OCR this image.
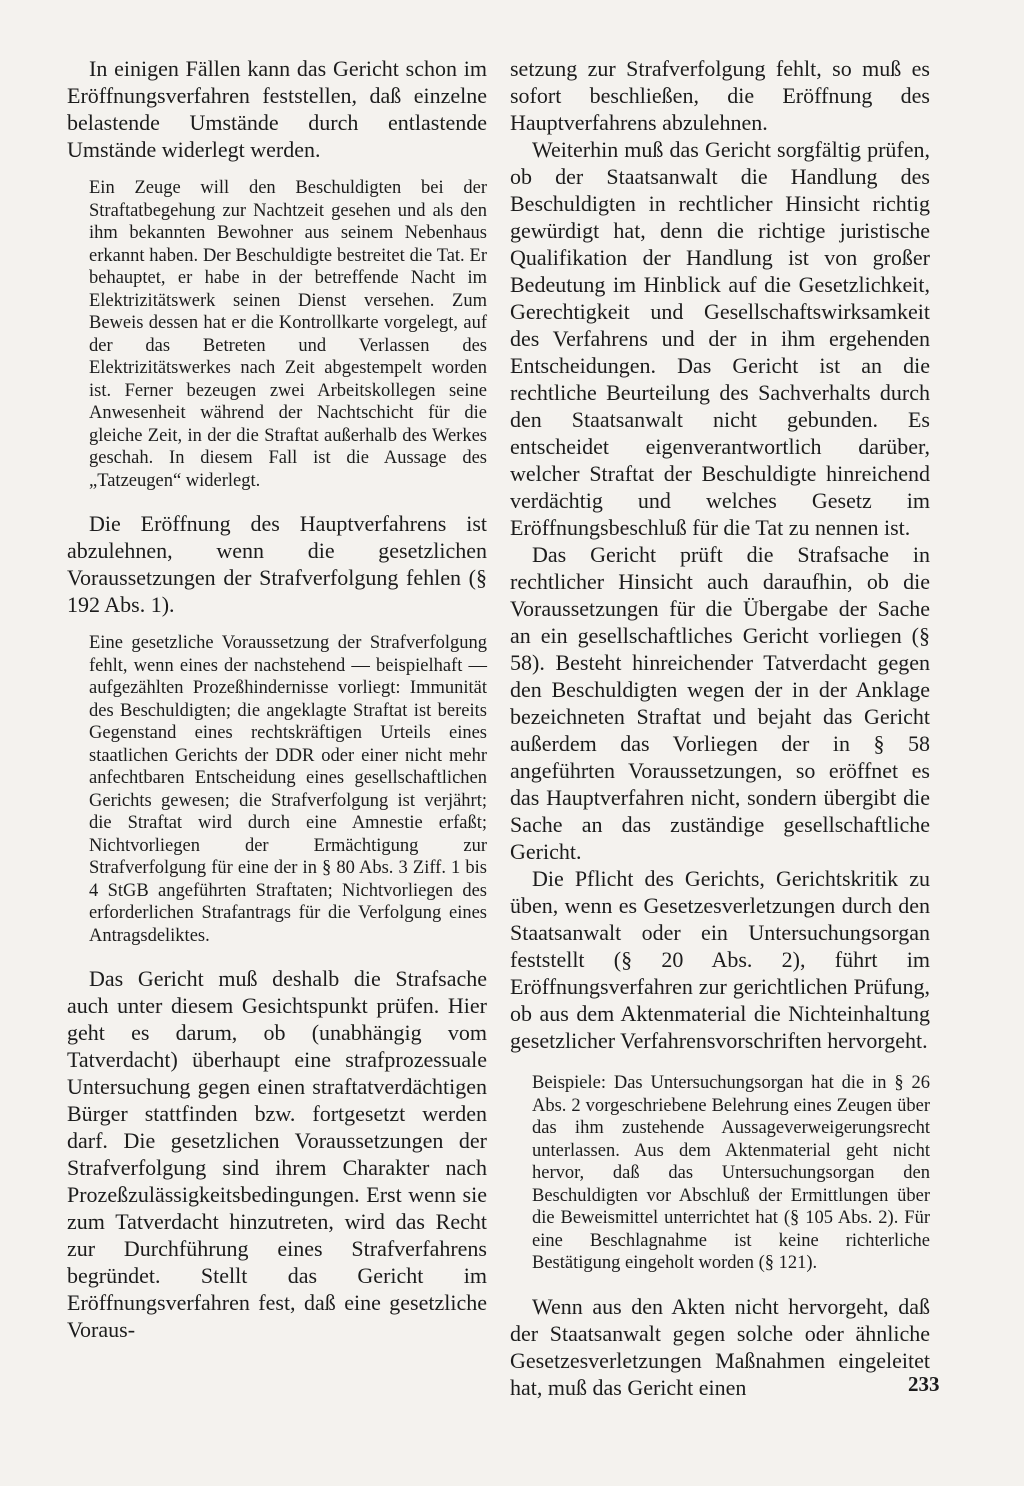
In einigen Fällen kann das Gericht schon im Eröffnungsverfahren feststellen, daß einzelne belastende Umstände durch entlastende Umstände widerlegt werden.

Ein Zeuge will den Beschuldigten bei der Straftatbegehung zur Nachtzeit gesehen und als den ihm bekannten Bewohner aus seinem Nebenhaus erkannt haben. Der Beschuldigte bestreitet die Tat. Er behauptet, er habe in der betreffende Nacht im Elektrizitätswerk seinen Dienst versehen. Zum Beweis dessen hat er die Kontrollkarte vorgelegt, auf der das Betreten und Verlassen des Elektrizitätswerkes nach Zeit abgestempelt worden ist. Ferner bezeugen zwei Arbeitskollegen seine Anwesenheit während der Nachtschicht für die gleiche Zeit, in der die Straftat außerhalb des Werkes geschah. In diesem Fall ist die Aussage des „Tatzeugen“ widerlegt.

Die Eröffnung des Hauptverfahrens ist abzulehnen, wenn die gesetzlichen Voraussetzungen der Strafverfolgung fehlen (§ 192 Abs. 1).

Eine gesetzliche Voraussetzung der Strafverfolgung fehlt, wenn eines der nachstehend — beispielhaft — aufgezählten Prozeßhindernisse vorliegt: Immunität des Beschuldigten; die angeklagte Straftat ist bereits Gegenstand eines rechtskräftigen Urteils eines staatlichen Gerichts der DDR oder einer nicht mehr anfechtbaren Entscheidung eines gesellschaftlichen Gerichts gewesen; die Strafverfolgung ist verjährt; die Straftat wird durch eine Amnestie erfaßt; Nichtvorliegen der Ermächtigung zur Strafverfolgung für eine der in § 80 Abs. 3 Ziff. 1 bis 4 StGB angeführten Straftaten; Nichtvorliegen des erforderlichen Strafantrags für die Verfolgung eines Antragsdeliktes.

Das Gericht muß deshalb die Strafsache auch unter diesem Gesichtspunkt prüfen. Hier geht es darum, ob (unabhängig vom Tatverdacht) überhaupt eine strafprozessuale Untersuchung gegen einen straftatverdächtigen Bürger stattfinden bzw. fortgesetzt werden darf. Die gesetzlichen Voraussetzungen der Strafverfolgung sind ihrem Charakter nach Prozeßzulässigkeitsbedingungen. Erst wenn sie zum Tatverdacht hinzutreten, wird das Recht zur Durchführung eines Strafverfahrens begründet. Stellt das Gericht im Eröffnungsverfahren fest, daß eine gesetzliche Voraus-

setzung zur Strafverfolgung fehlt, so muß es sofort beschließen, die Eröffnung des Hauptverfahrens abzulehnen.

Weiterhin muß das Gericht sorgfältig prüfen, ob der Staatsanwalt die Handlung des Beschuldigten in rechtlicher Hinsicht richtig gewürdigt hat, denn die richtige juristische Qualifikation der Handlung ist von großer Bedeutung im Hinblick auf die Gesetzlichkeit, Gerechtigkeit und Gesellschaftswirksamkeit des Verfahrens und der in ihm ergehenden Entscheidungen. Das Gericht ist an die rechtliche Beurteilung des Sachverhalts durch den Staatsanwalt nicht gebunden. Es entscheidet eigenverantwortlich darüber, welcher Straftat der Beschuldigte hinreichend verdächtig und welches Gesetz im Eröffnungsbeschluß für die Tat zu nennen ist.

Das Gericht prüft die Strafsache in rechtlicher Hinsicht auch daraufhin, ob die Voraussetzungen für die Übergabe der Sache an ein gesellschaftliches Gericht vorliegen (§ 58). Besteht hinreichender Tatverdacht gegen den Beschuldigten wegen der in der Anklage bezeichneten Straftat und bejaht das Gericht außerdem das Vorliegen der in § 58 angeführten Voraussetzungen, so eröffnet es das Hauptverfahren nicht, sondern übergibt die Sache an das zuständige gesellschaftliche Gericht.

Die Pflicht des Gerichts, Gerichtskritik zu üben, wenn es Gesetzesverletzungen durch den Staatsanwalt oder ein Untersuchungsorgan feststellt (§ 20 Abs. 2), führt im Eröffnungsverfahren zur gerichtlichen Prüfung, ob aus dem Aktenmaterial die Nichteinhaltung gesetzlicher Verfahrensvorschriften hervorgeht.

Beispiele: Das Untersuchungsorgan hat die in § 26 Abs. 2 vorgeschriebene Belehrung eines Zeugen über das ihm zustehende Aussageverweigerungsrecht unterlassen. Aus dem Aktenmaterial geht nicht hervor, daß das Untersuchungsorgan den Beschuldigten vor Abschluß der Ermittlungen über die Beweismittel unterrichtet hat (§ 105 Abs. 2). Für eine Beschlagnahme ist keine richterliche Bestätigung eingeholt worden (§ 121).

Wenn aus den Akten nicht hervorgeht, daß der Staatsanwalt gegen solche oder ähnliche Gesetzesverletzungen Maßnahmen eingeleitet hat, muß das Gericht einen	233
